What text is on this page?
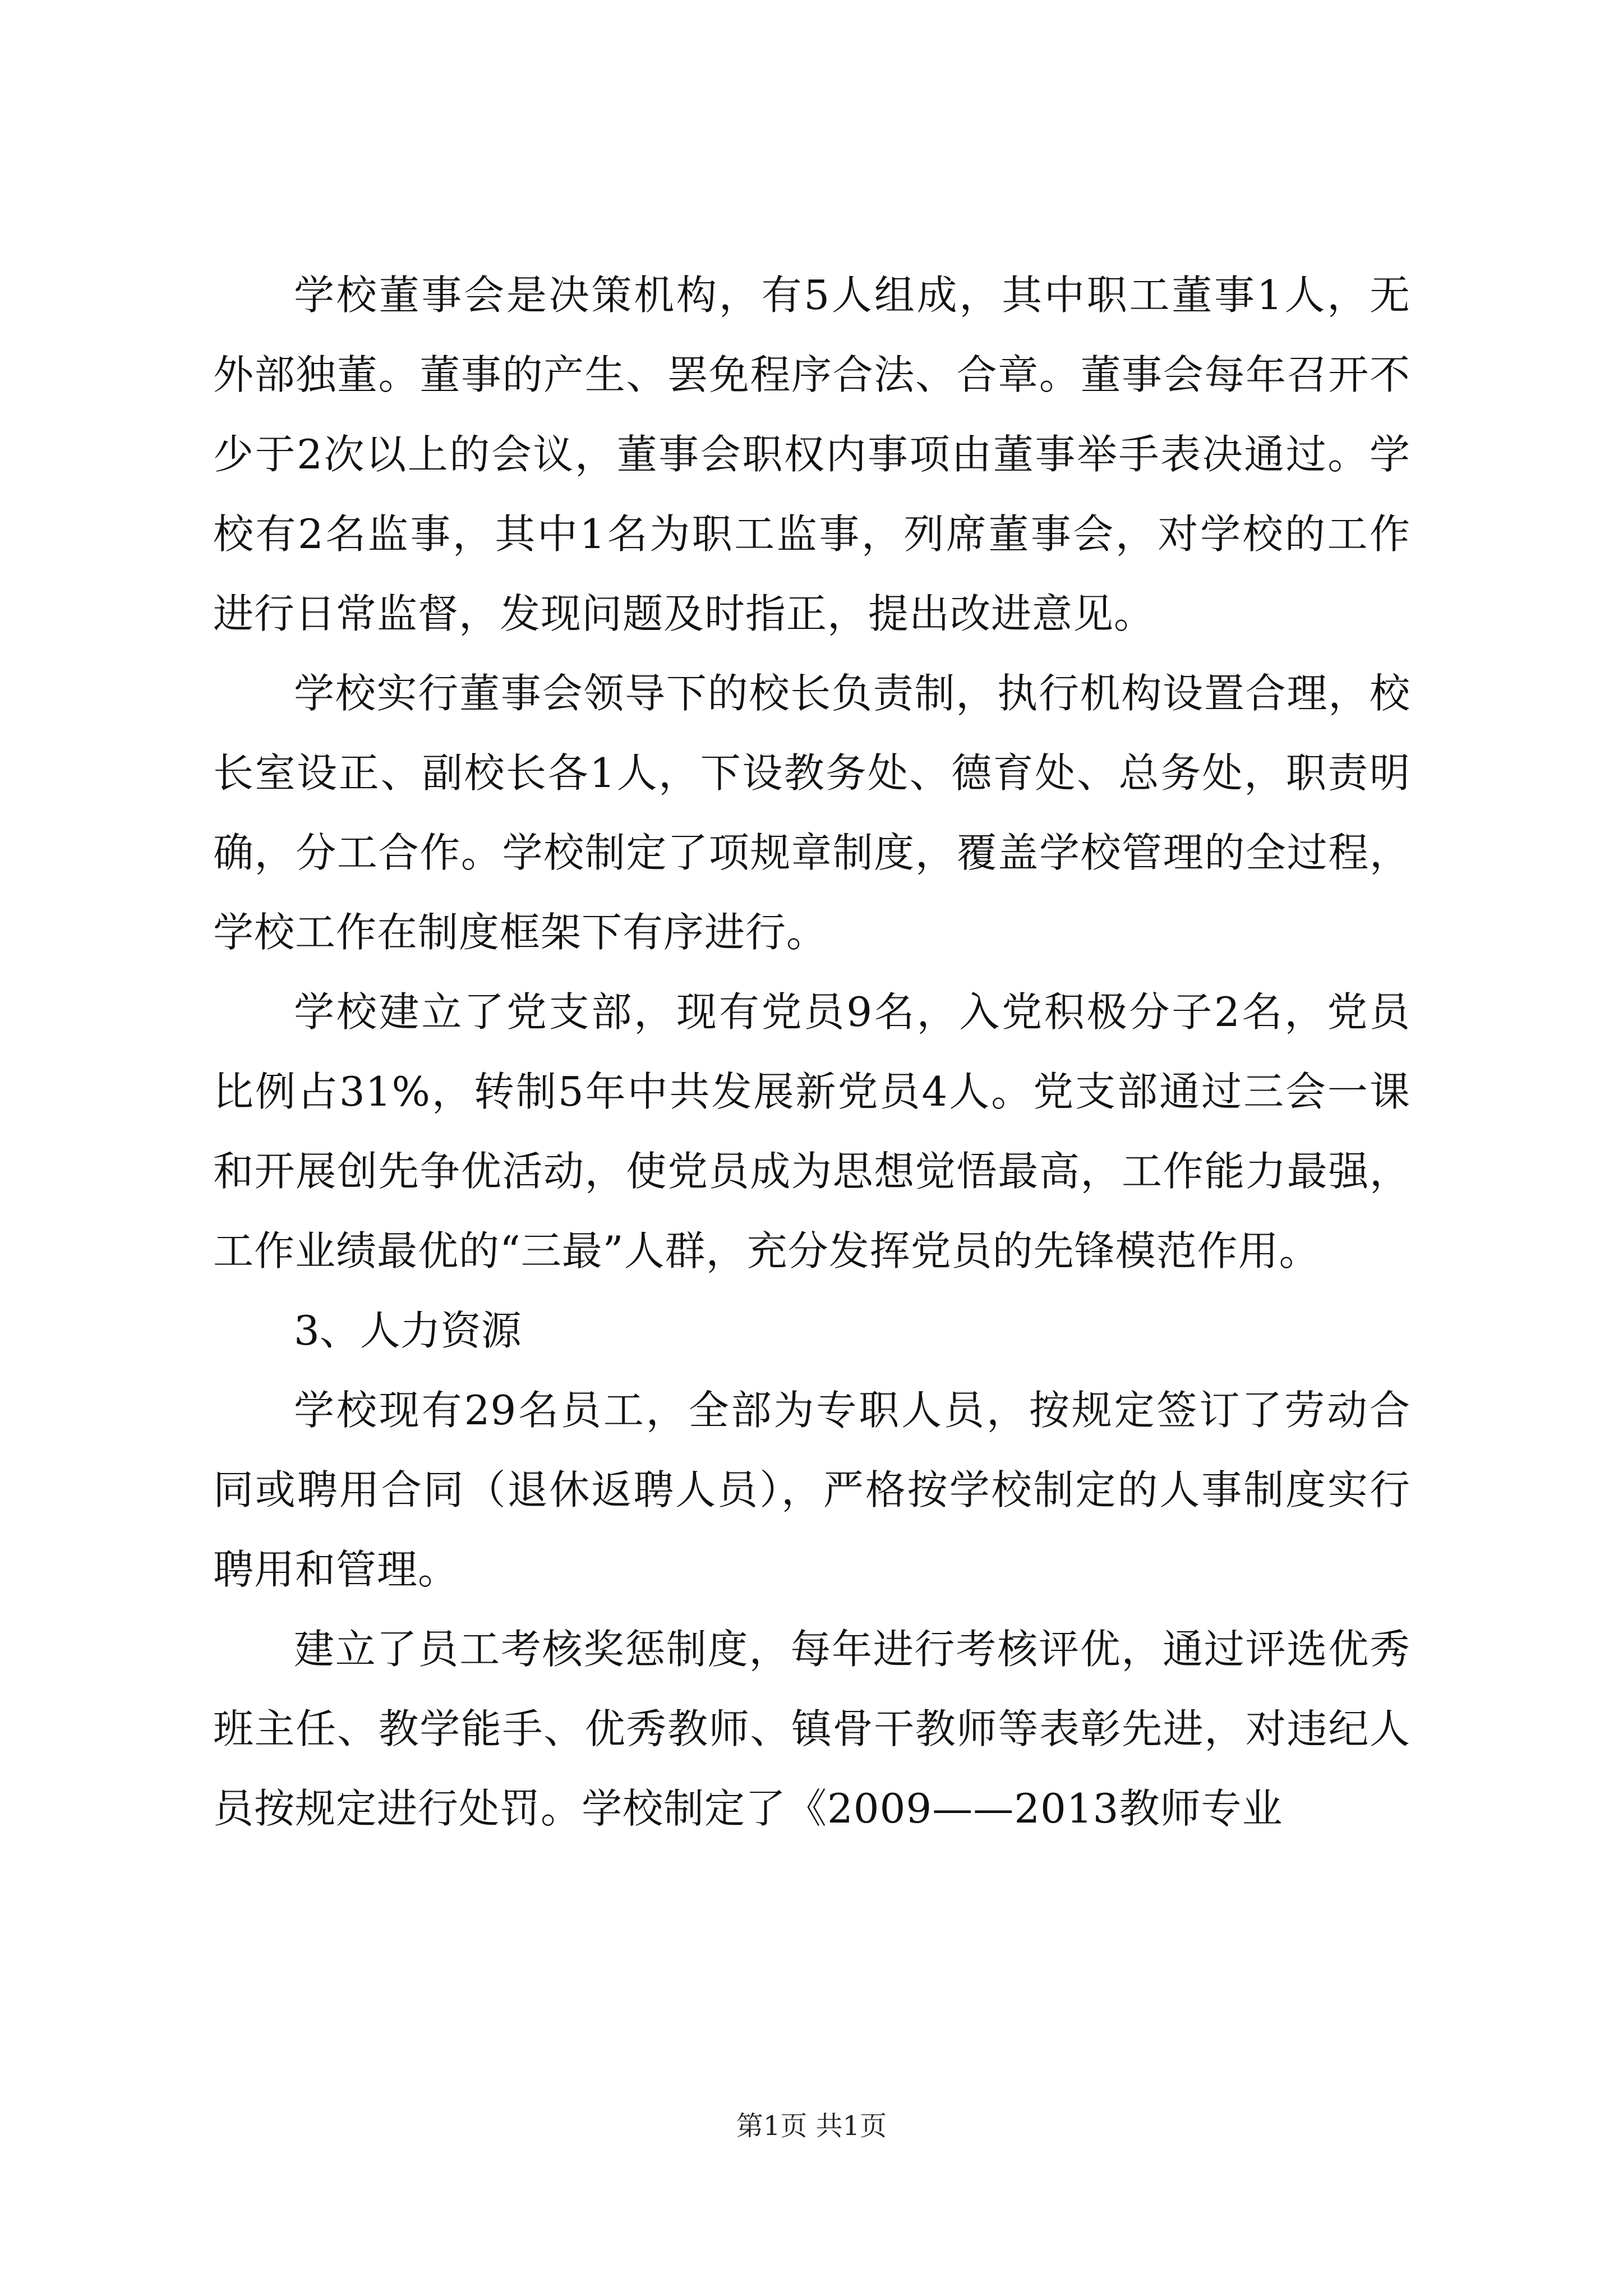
学校董事会是决策机构，有5人组成，其中职工董事1人，无外部独董。董事的产生、罢免程序合法、合章。董事会每年召开不少于2次以上的会议，董事会职权内事项由董事举手表决通过。学校有2名监事，其中1名为职工监事，列席董事会，对学校的工作进行日常监督，发现问题及时指正，提出改进意见。

学校实行董事会领导下的校长负责制，执行机构设置合理，校长室设正、副校长各1人，下设教务处、德育处、总务处，职责明确，分工合作。学校制定了项规章制度，覆盖学校管理的全过程，学校工作在制度框架下有序进行。

学校建立了党支部，现有党员9名，入党积极分子2名，党员比例占31%，转制5年中共发展新党员4人。党支部通过三会一课和开展创先争优活动，使党员成为思想觉悟最高，工作能力最强，工作业绩最优的“三最”人群，充分发挥党员的先锋模范作用。

3、人力资源

学校现有29名员工，全部为专职人员，按规定签订了劳动合同或聘用合同（退休返聘人员），严格按学校制定的人事制度实行聘用和管理。

建立了员工考核奖惩制度，每年进行考核评优，通过评选优秀班主任、教学能手、优秀教师、镇骨干教师等表彰先进，对违纪人员按规定进行处罚。学校制定了《2009——2013教师专业

第1页 共1页
